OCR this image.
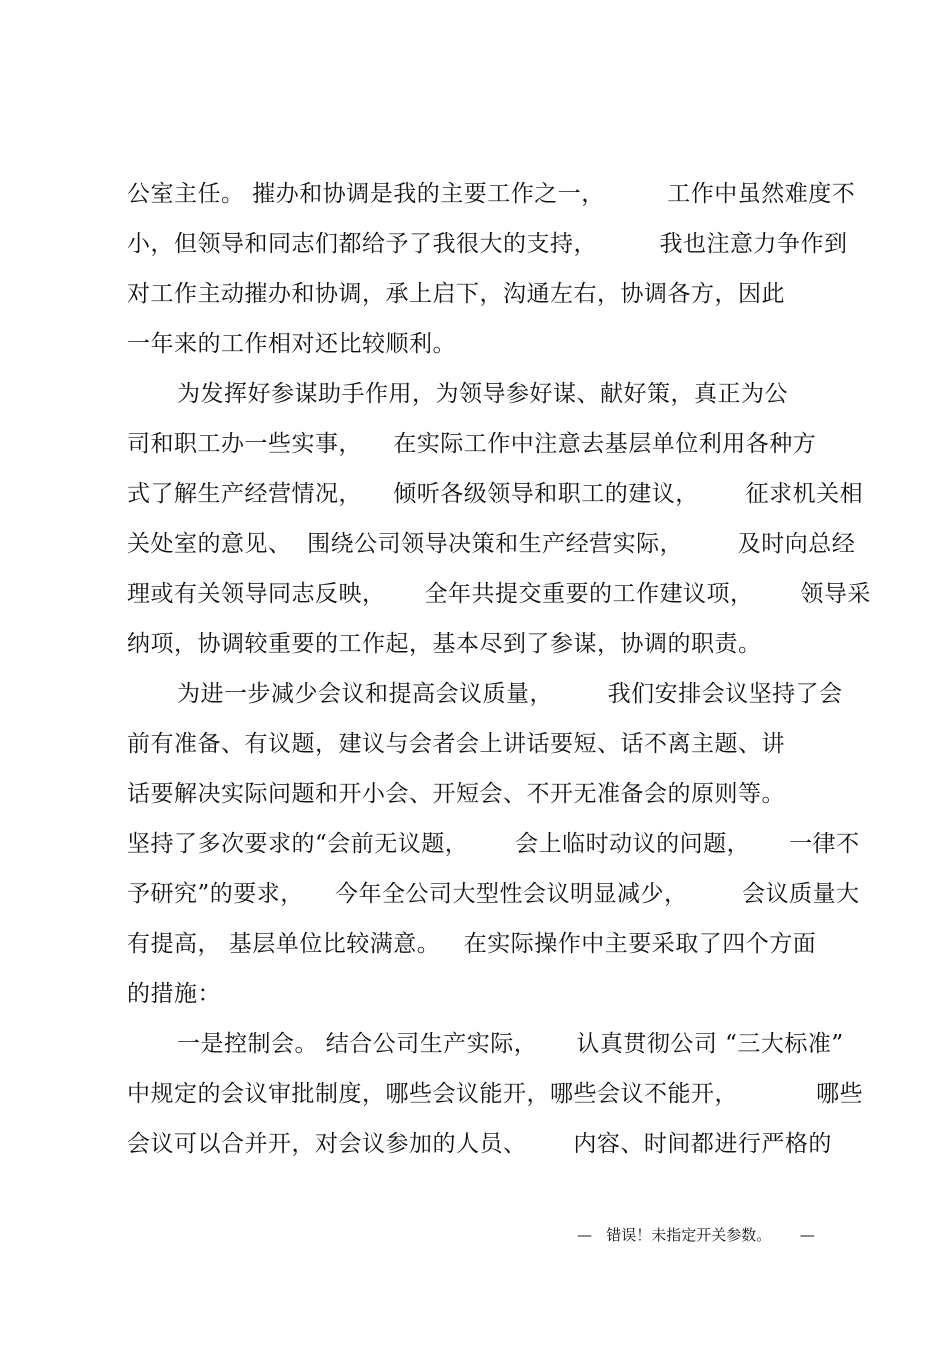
公室主任。 摧办和协调是我的主要工作之一，        工作中虽然难度不
小，但领导和同志们都给予了我很大的支持，        我也注意力争作到
对工作主动摧办和协调，承上启下，沟通左右，协调各方，因此
一年来的工作相对还比较顺利。
为发挥好参谋助手作用，为领导参好谋、献好策，真正为公
司和职工办一些实事，    在实际工作中注意去基层单位利用各种方
式了解生产经营情况，    倾听各级领导和职工的建议，      征求机关相
关处室的意见、  围绕公司领导决策和生产经营实际，       及时向总经
理或有关领导同志反映，     全年共提交重要的工作建议项，      领导采
纳项，协调较重要的工作起，基本尽到了参谋，协调的职责。
为进一步减少会议和提高会议质量，       我们安排会议坚持了会
前有准备、有议题，建议与会者会上讲话要短、话不离主题、讲
话要解决实际问题和开小会、开短会、不开无准备会的原则等。
坚持了多次要求的“会前无议题，      会上临时动议的问题，     一律不
予研究”的要求，    今年全公司大型性会议明显减少，       会议质量大
有提高， 基层单位比较满意。   在实际操作中主要采取了四个方面
的措施：
一是控制会。 结合公司生产实际，     认真贯彻公司 “三大标准”
中规定的会议审批制度，哪些会议能开，哪些会议不能开，          哪些
会议可以合并开，对会议参加的人员、      内容、时间都进行严格的
—   错误！未指定开关参数。      —
